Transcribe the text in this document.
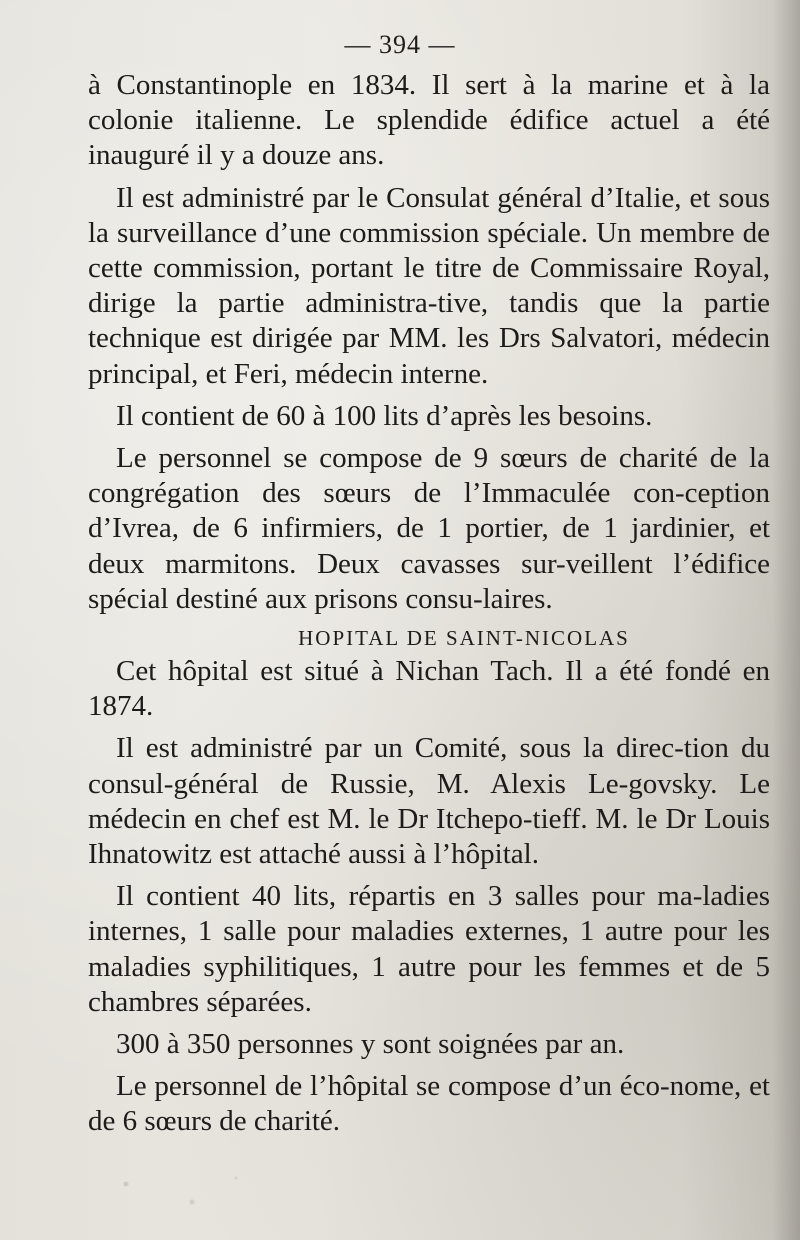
— 394 —

à Constantinople en 1834. Il sert à la marine et à la colonie italienne. Le splendide édifice actuel a été inauguré il y a douze ans.

Il est administré par le Consulat général d’Italie, et sous la surveillance d’une commission spéciale. Un membre de cette commission, portant le titre de Commissaire Royal, dirige la partie administra-tive, tandis que la partie technique est dirigée par MM. les Drs Salvatori, médecin principal, et Feri, médecin interne.

Il contient de 60 à 100 lits d’après les besoins.

Le personnel se compose de 9 sœurs de charité de la congrégation des sœurs de l’Immaculée con-ception d’Ivrea, de 6 infirmiers, de 1 portier, de 1 jardinier, et deux marmitons. Deux cavasses sur-veillent l’édifice spécial destiné aux prisons consu-laires.

HOPITAL DE SAINT-NICOLAS

Cet hôpital est situé à Nichan Tach. Il a été fondé en 1874.

Il est administré par un Comité, sous la direc-tion du consul-général de Russie, M. Alexis Le-govsky. Le médecin en chef est M. le Dr Itchepo-tieff. M. le Dr Louis Ihnatowitz est attaché aussi à l’hôpital.

Il contient 40 lits, répartis en 3 salles pour ma-ladies internes, 1 salle pour maladies externes, 1 autre pour les maladies syphilitiques, 1 autre pour les femmes et de 5 chambres séparées.

300 à 350 personnes y sont soignées par an.

Le personnel de l’hôpital se compose d’un éco-nome, et de 6 sœurs de charité.
